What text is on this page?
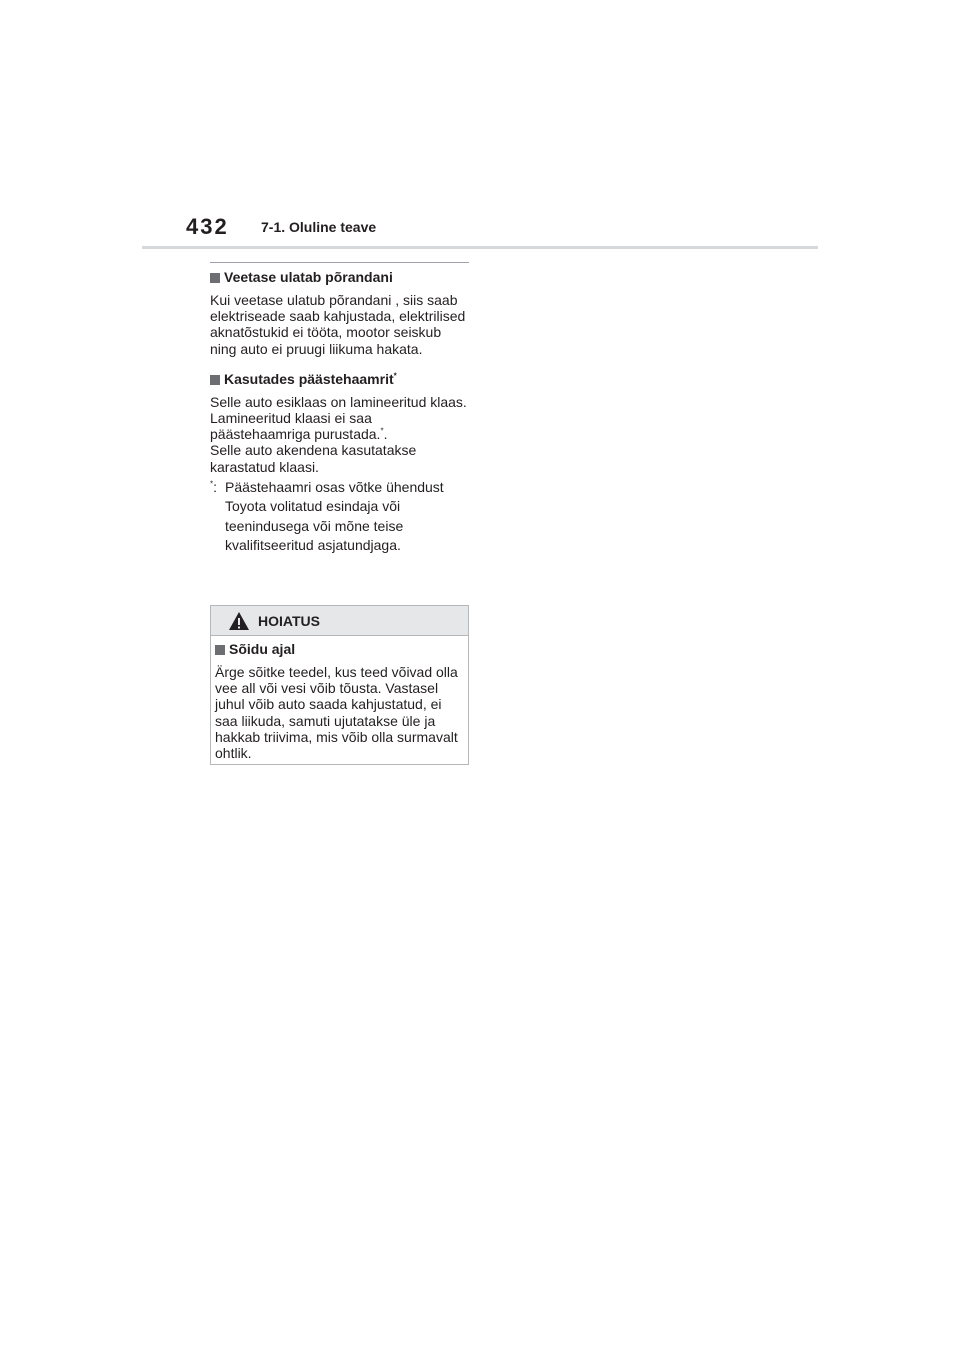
432 7-1. Oluline teave
Veetase ulatab põrandani
Kui veetase ulatub põrandani , siis saab elektriseade saab kahjustada, elektrilised aknatõstukid ei tööta, mootor seiskub ning auto ei pruugi liikuma hakata.
Kasutades päästehaamrit*
Selle auto esiklaas on lamineeritud klaas.
Lamineeritud klaasi ei saa päästehaamriga purustada.*.
Selle auto akendena kasutatakse karastatud klaasi.
*: Päästehaamri osas võtke ühendust Toyota volitatud esindaja või teenindusega või mõne teise kvalifitseeritud asjatundjaga.
HOIATUS
Sõidu ajal
Ärge sõitke teedel, kus teed võivad olla vee all või vesi võib tõusta. Vastasel juhul võib auto saada kahjustatud, ei saa liikuda, samuti ujutatakse üle ja hakkab triivima, mis võib olla surmavalt ohtlik.
